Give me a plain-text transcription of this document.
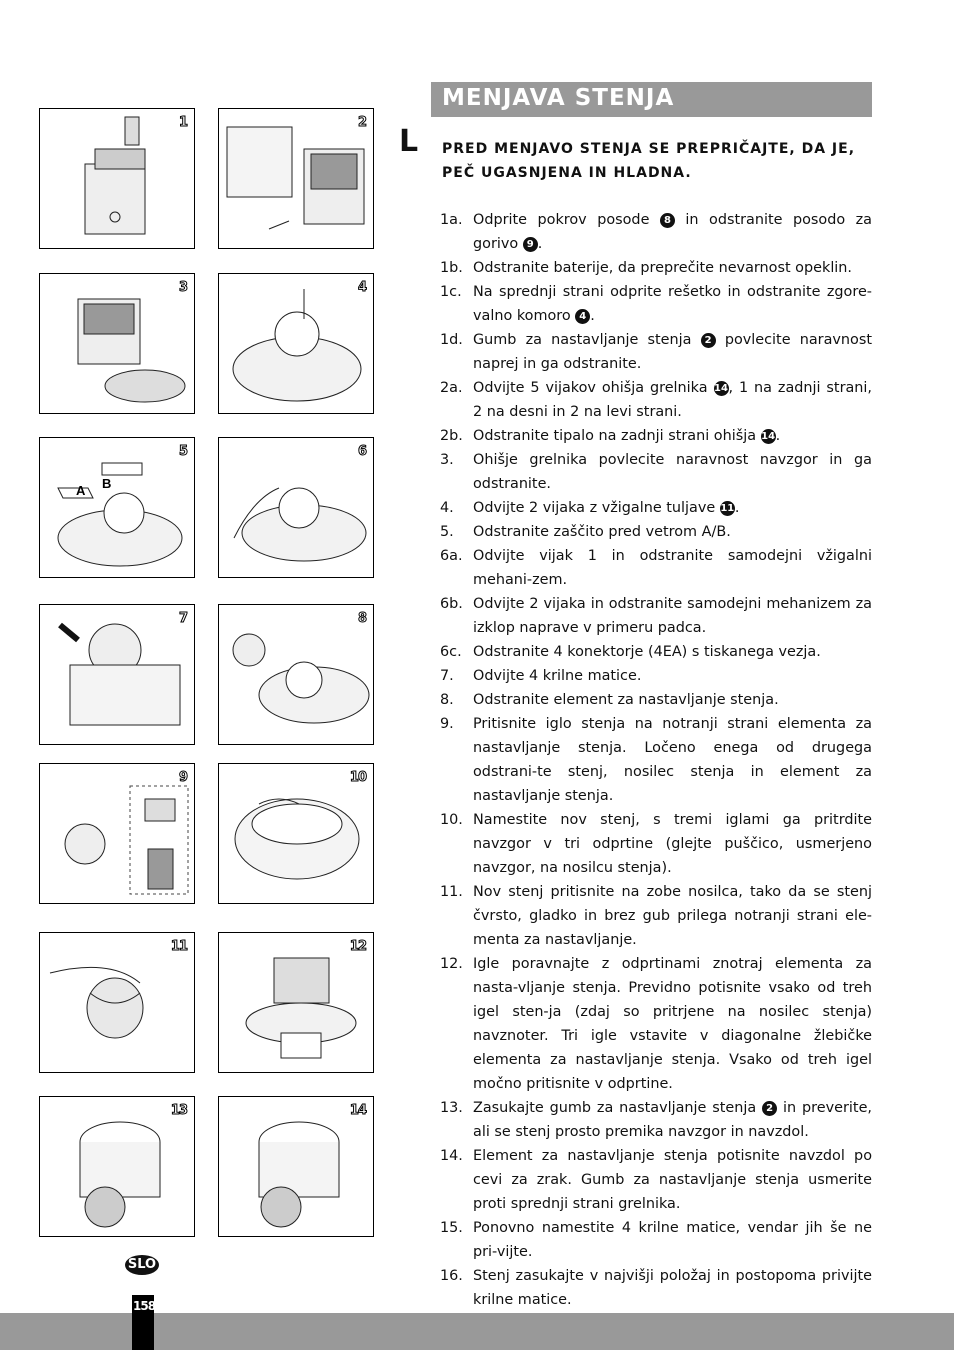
1	2
3	4
A B
5	6
7	8
9	10
11	12
13	14
MENJAVA STENJA
L PRED MENJAVO STENJA SE PREPRIČAJTE, DA JE, PEČ UGASNJENA IN HLADNA.
1a. Odprite pokrov posode 8 in odstranite posodo za gorivo 9 .
1b. Odstranite baterije, da preprečite nevarnost opeklin.
1c. Na sprednji strani odprite rešetko in odstranite zgore-valno komoro 4 .
1d. Gumb za nastavljanje stenja 2 povlecite naravnost naprej in ga odstranite.
2a. Odvijte 5 vijakov ohišja grelnika 14, 1 na zadnji strani, 2 na desni in 2 na levi strani.
2b. Odstranite tipalo na zadnji strani ohišja 14.
3.	Ohišje grelnika povlecite naravnost navzgor in ga odstranite.
4.	Odvijte 2 vijaka z vžigalne tuljave 11.
5.	Odstranite zaščito pred vetrom A/B.
6a. Odvijte vijak 1 in odstranite samodejni vžigalni mehani-zem.
6b. Odvijte 2 vijaka in odstranite samodejni mehanizem za izklop naprave v primeru padca.
6c. Odstranite 4 konektorje (4EA) s tiskanega vezja.
7.	Odvijte 4 krilne matice.
8.	Odstranite element za nastavljanje stenja.
9.	Pritisnite iglo stenja na notranji strani elementa za nastavljanje stenja. Ločeno enega od drugega odstrani-te stenj, nosilec stenja in element za nastavljanje stenja.
10. Namestite nov stenj, s tremi iglami ga pritrdite navzgor v tri odprtine (glejte puščico, usmerjeno navzgor, na nosilcu stenja).
11. Nov stenj pritisnite na zobe nosilca, tako da se stenj čvrsto, gladko in brez gub prilega notranji strani ele-menta za nastavljanje.
12. Igle poravnajte z odprtinami znotraj elementa za nasta-vljanje stenja. Previdno potisnite vsako od treh igel sten-ja (zdaj so pritrjene na nosilec stenja) navznoter. Tri igle vstavite v diagonalne žlebičke elementa za nastavljanje stenja. Vsako od treh igel močno pritisnite v odprtine.
13. Zasukajte gumb za nastavljanje stenja 2 in preverite, ali se stenj prosto premika navzgor in navzdol.
14. Element za nastavljanje stenja potisnite navzdol po cevi za zrak. Gumb za nastavljanje stenja usmerite proti sprednji strani grelnika.
15. Ponovno namestite 4 krilne matice, vendar jih še ne pri-vijte.
16. Stenj zasukajte v najvišji položaj in postopoma privijte krilne matice.
SLO
158
